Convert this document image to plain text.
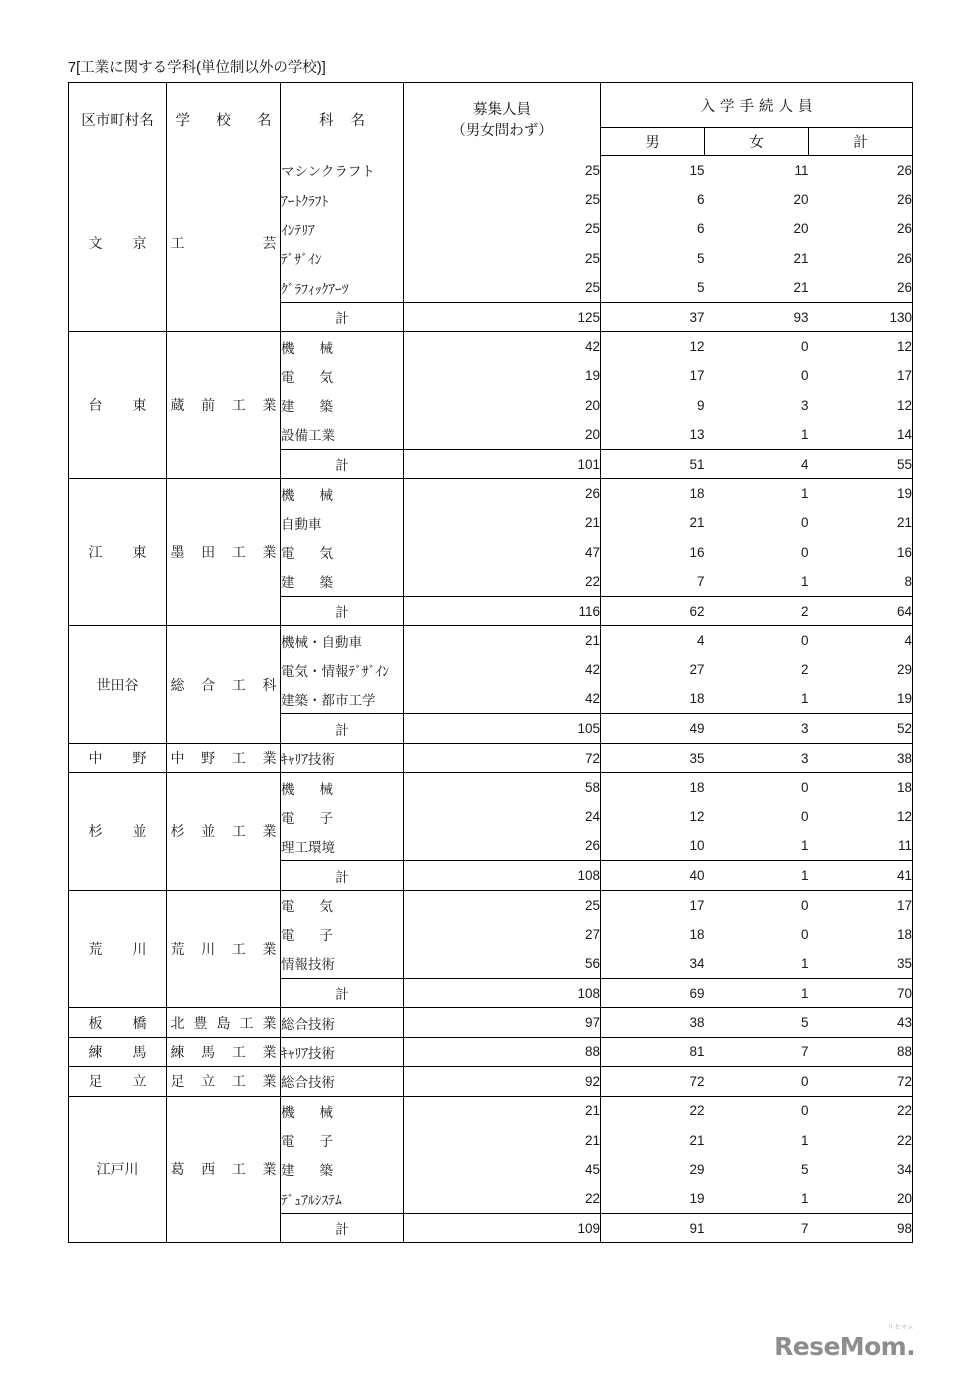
7[工業に関する学科(単位制以外の学校)]
区市町村名	学校名	科名	募集人員
（男女問わず）	入学手続人員		
				男	女	計
文京	工芸	マシンクラフト	25	15	11	26
		ｱｰﾄｸﾗﾌﾄ	25	6	20	26
		ｲﾝﾃﾘｱ	25	6	20	26
		ﾃﾞｻﾞｲﾝ	25	5	21	26
		ｸﾞﾗﾌｨｯｸｱｰﾂ	25	5	21	26
		計	125	37	93	130
台東	蔵前工業	機械	42	12	0	12
		電気	19	17	0	17
		建築	20	9	3	12
		設備工業	20	13	1	14
		計	101	51	4	55
江東	墨田工業	機械	26	18	1	19
		自動車	21	21	0	21
		電気	47	16	0	16
		建築	22	7	1	8
		計	116	62	2	64
世田谷	総合工科	機械・自動車	21	4	0	4
		電気・情報ﾃﾞｻﾞｲﾝ	42	27	2	29
		建築・都市工学	42	18	1	19
		計	105	49	3	52
中野	中野工業	ｷｬﾘｱ技術	72	35	3	38
杉並	杉並工業	機械	58	18	0	18
		電子	24	12	0	12
		理工環境	26	10	1	11
		計	108	40	1	41
荒川	荒川工業	電気	25	17	0	17
		電子	27	18	0	18
		情報技術	56	34	1	35
		計	108	69	1	70
板橋	北豊島工業	総合技術	97	38	5	43
練馬	練馬工業	ｷｬﾘｱ技術	88	81	7	88
足立	足立工業	総合技術	92	72	0	72
江戸川	葛西工業	機械	21	22	0	22
		電子	21	21	1	22
		建築	45	29	5	34
		ﾃﾞｭｱﾙｼｽﾃﾑ	22	19	1	20
		計	109	91	7	98
ReseMom.
リセマム
